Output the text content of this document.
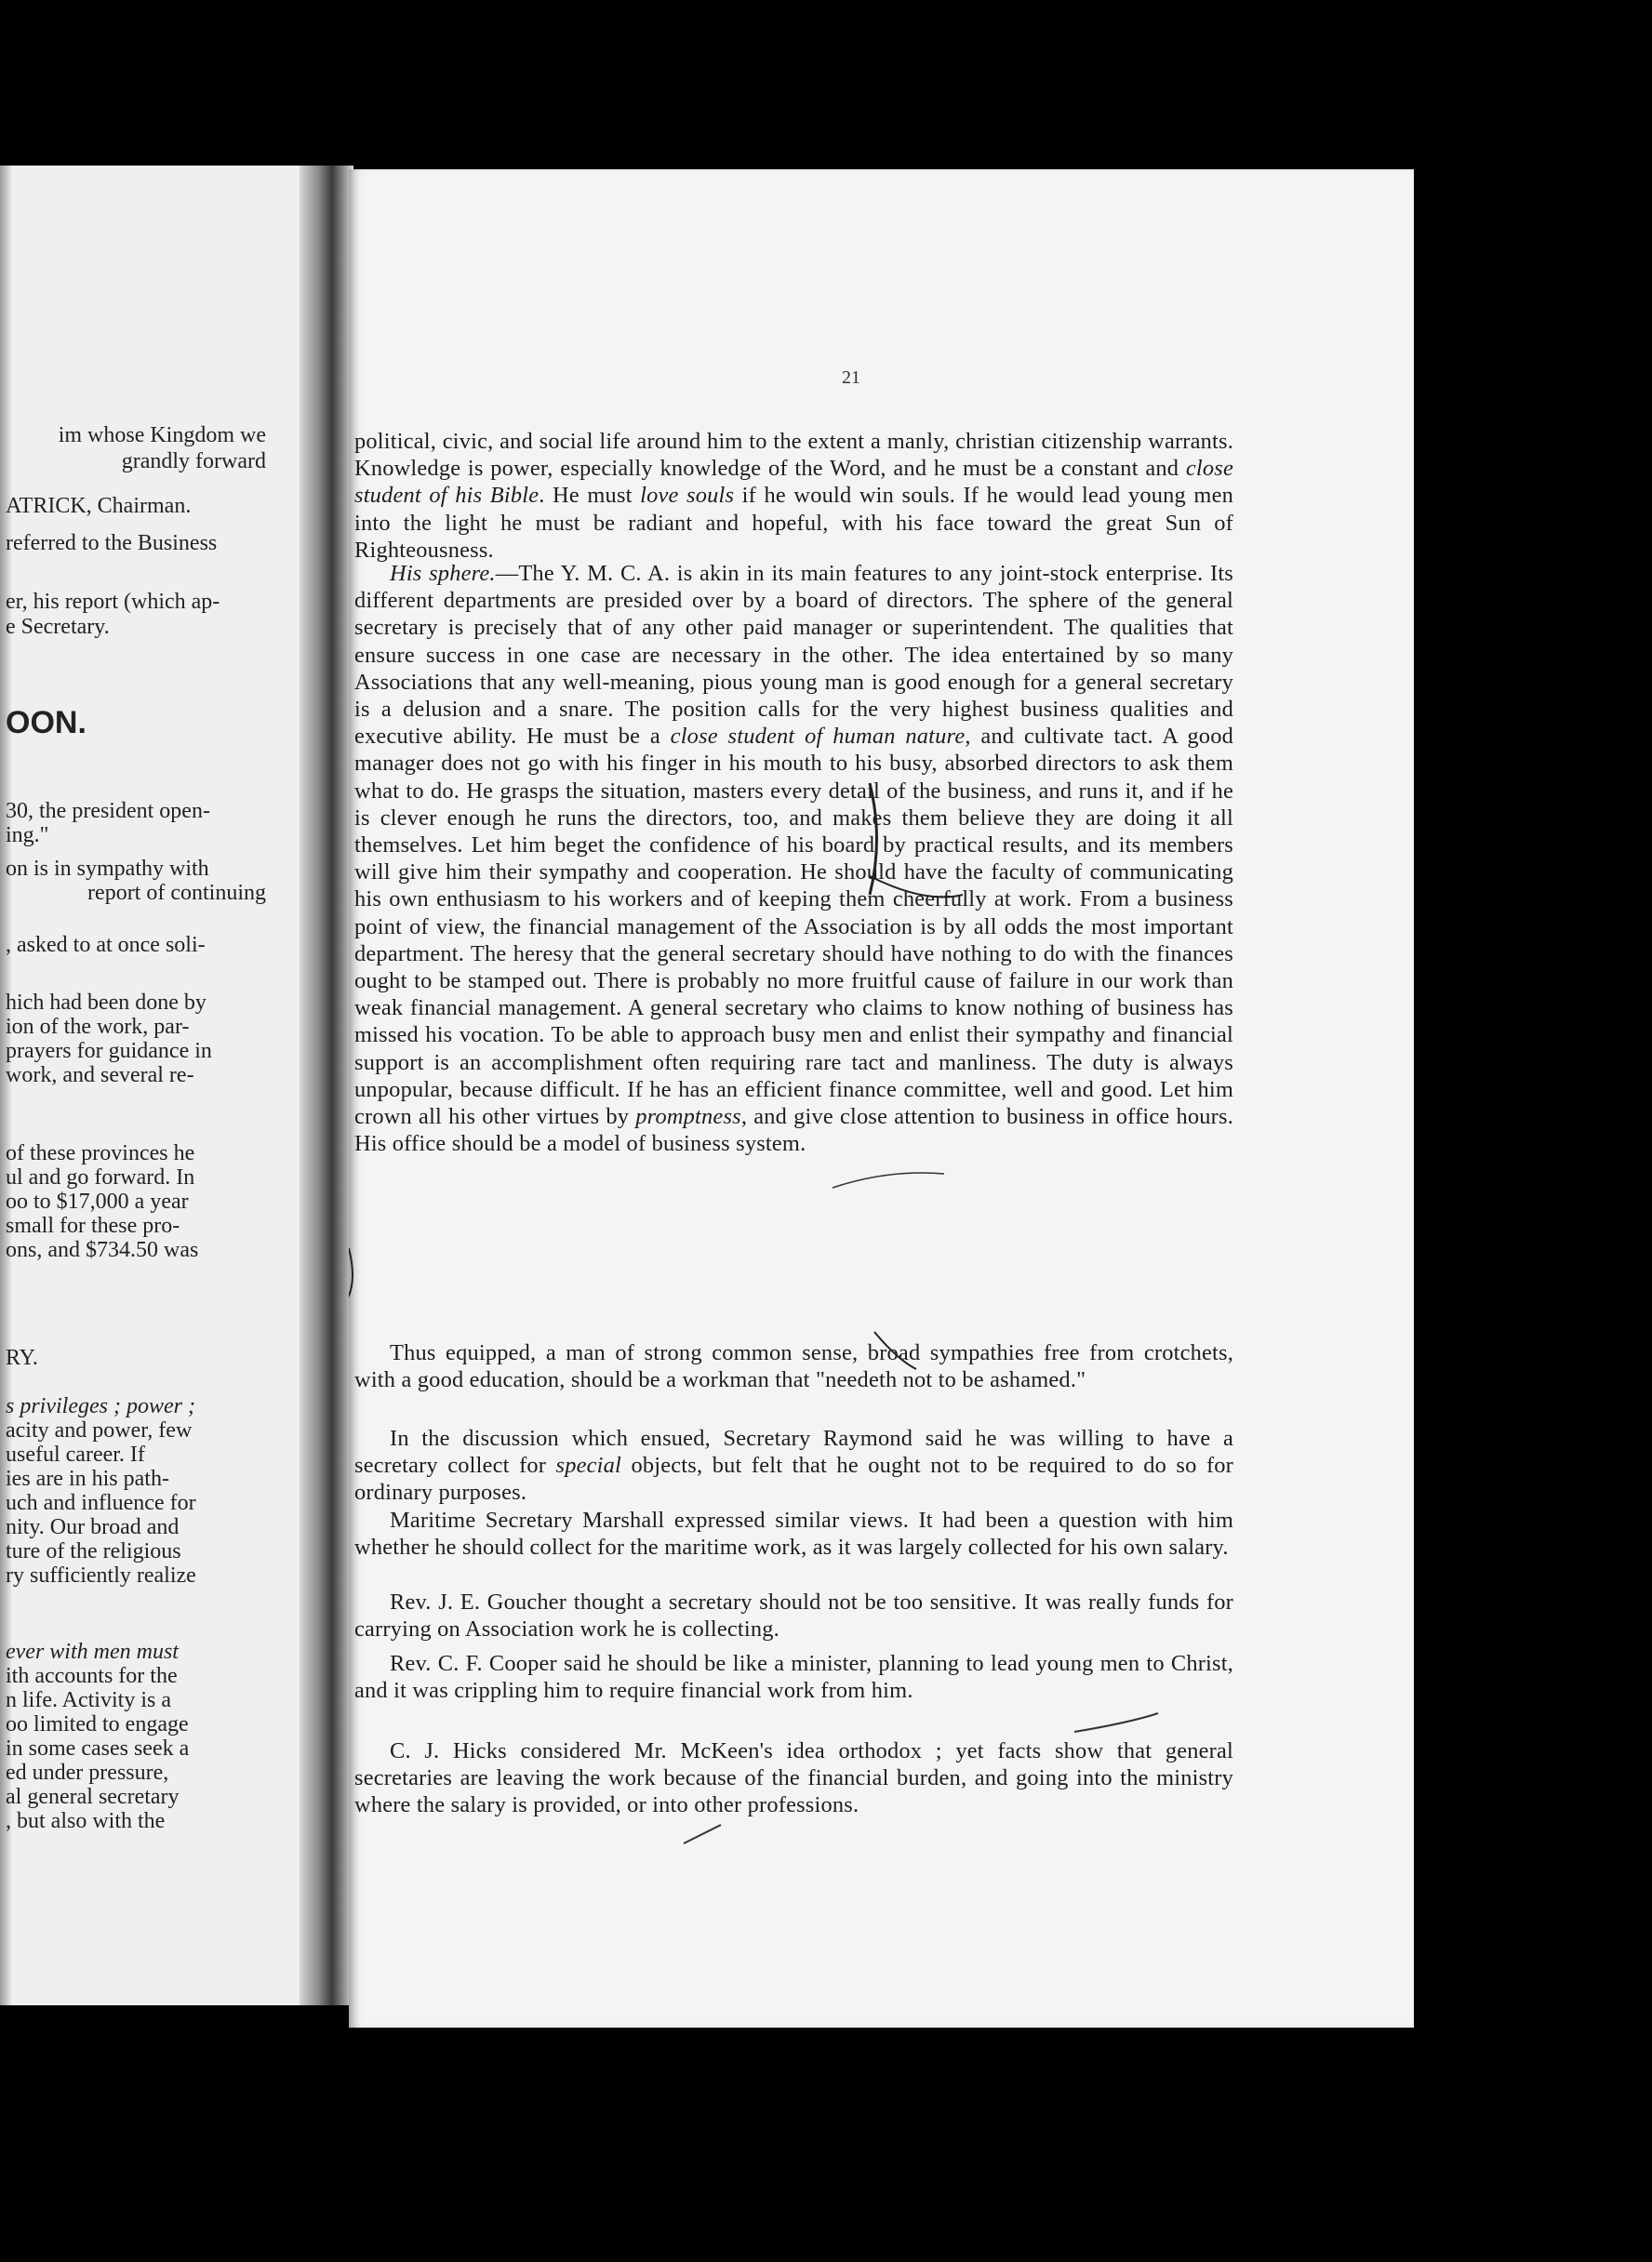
im whose Kingdom we
grandly forward
ATRICK, Chairman.
referred to the Business
er, his report (which ap-
e Secretary.
OON.
30, the president open-
ing."
on is in sympathy with
report of continuing
, asked to at once soli-
hich had been done by
ion of the work, par-
prayers for guidance in
work, and several re-
of these provinces he
ul and go forward. In
oo to $17,000 a year
small for these pro-
ons, and $734.50 was
RY.
s privileges ; power ;
acity and power, few
useful career. If
ies are in his path-
uch and influence for
nity. Our broad and
ture of the religious
ry sufficiently realize
ever with men must
ith accounts for the
n life. Activity is a
oo limited to engage
in some cases seek a
ed under pressure,
al general secretary
, but also with the
21
political, civic, and social life around him to the extent a manly, christian citizenship warrants. Knowledge is power, especially knowledge of the Word, and he must be a constant and close student of his Bible. He must love souls if he would win souls. If he would lead young men into the light he must be radiant and hopeful, with his face toward the great Sun of Righteousness.
His sphere.—The Y. M. C. A. is akin in its main features to any joint-stock enterprise. Its different departments are presided over by a board of directors. The sphere of the general secretary is precisely that of any other paid manager or superintendent. The qualities that ensure success in one case are necessary in the other. The idea entertained by so many Associations that any well-meaning, pious young man is good enough for a general secretary is a delusion and a snare. The position calls for the very highest business qualities and executive ability. He must be a close student of human nature, and cultivate tact. A good manager does not go with his finger in his mouth to his busy, absorbed directors to ask them what to do. He grasps the situation, masters every detail of the business, and runs it, and if he is clever enough he runs the directors, too, and makes them believe they are doing it all themselves. Let him beget the confidence of his board by practical results, and its members will give him their sympathy and cooperation. He should have the faculty of communicating his own enthusiasm to his workers and of keeping them cheerfully at work. From a business point of view, the financial management of the Association is by all odds the most important department. The heresy that the general secretary should have nothing to do with the finances ought to be stamped out. There is probably no more fruitful cause of failure in our work than weak financial management. A general secretary who claims to know nothing of business has missed his vocation. To be able to approach busy men and enlist their sympathy and financial support is an accomplishment often requiring rare tact and manliness. The duty is always unpopular, because difficult. If he has an efficient finance committee, well and good. Let him crown all his other virtues by promptness, and give close attention to business in office hours. His office should be a model of business system.
Thus equipped, a man of strong common sense, broad sympathies free from crotchets, with a good education, should be a workman that "needeth not to be ashamed."
In the discussion which ensued, Secretary Raymond said he was willing to have a secretary collect for special objects, but felt that he ought not to be required to do so for ordinary purposes.
Maritime Secretary Marshall expressed similar views. It had been a question with him whether he should collect for the maritime work, as it was largely collected for his own salary.
Rev. J. E. Goucher thought a secretary should not be too sensitive. It was really funds for carrying on Association work he is collecting.
Rev. C. F. Cooper said he should be like a minister, planning to lead young men to Christ, and it was crippling him to require financial work from him.
C. J. Hicks considered Mr. McKeen's idea orthodox ; yet facts show that general secretaries are leaving the work because of the financial burden, and going into the ministry where the salary is provided, or into other professions.
